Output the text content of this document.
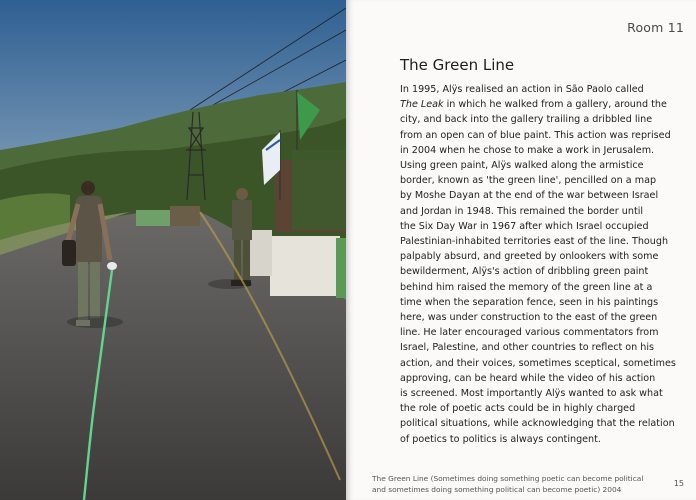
Room 11
The Green Line

In 1995, Alÿs realised an action in São Paolo called

The Leak in which he walked from a gallery, around the

city, and back into the gallery trailing a dribbled line

from an open can of blue paint. This action was reprised

in 2004 when he chose to make a work in Jerusalem.

Using green paint, Alÿs walked along the armistice

border, known as 'the green line', pencilled on a map

by Moshe Dayan at the end of the war between Israel

and Jordan in 1948. This remained the border until

the Six Day War in 1967 after which Israel occupied

Palestinian-inhabited territories east of the line. Though

palpably absurd, and greeted by onlookers with some

bewilderment, Alÿs's action of dribbling green paint

behind him raised the memory of the green line at a

time when the separation fence, seen in his paintings

here, was under construction to the east of the green

line. He later encouraged various commentators from

Israel, Palestine, and other countries to reflect on his

action, and their voices, sometimes sceptical, sometimes

approving, can be heard while the video of his action

is screened. Most importantly Alÿs wanted to ask what

the role of poetic acts could be in highly charged

political situations, while acknowledging that the relation

of poetics to politics is always contingent.

The Green Line (Sometimes doing something poetic can become political

and sometimes doing something political can become poetic) 2004

15
